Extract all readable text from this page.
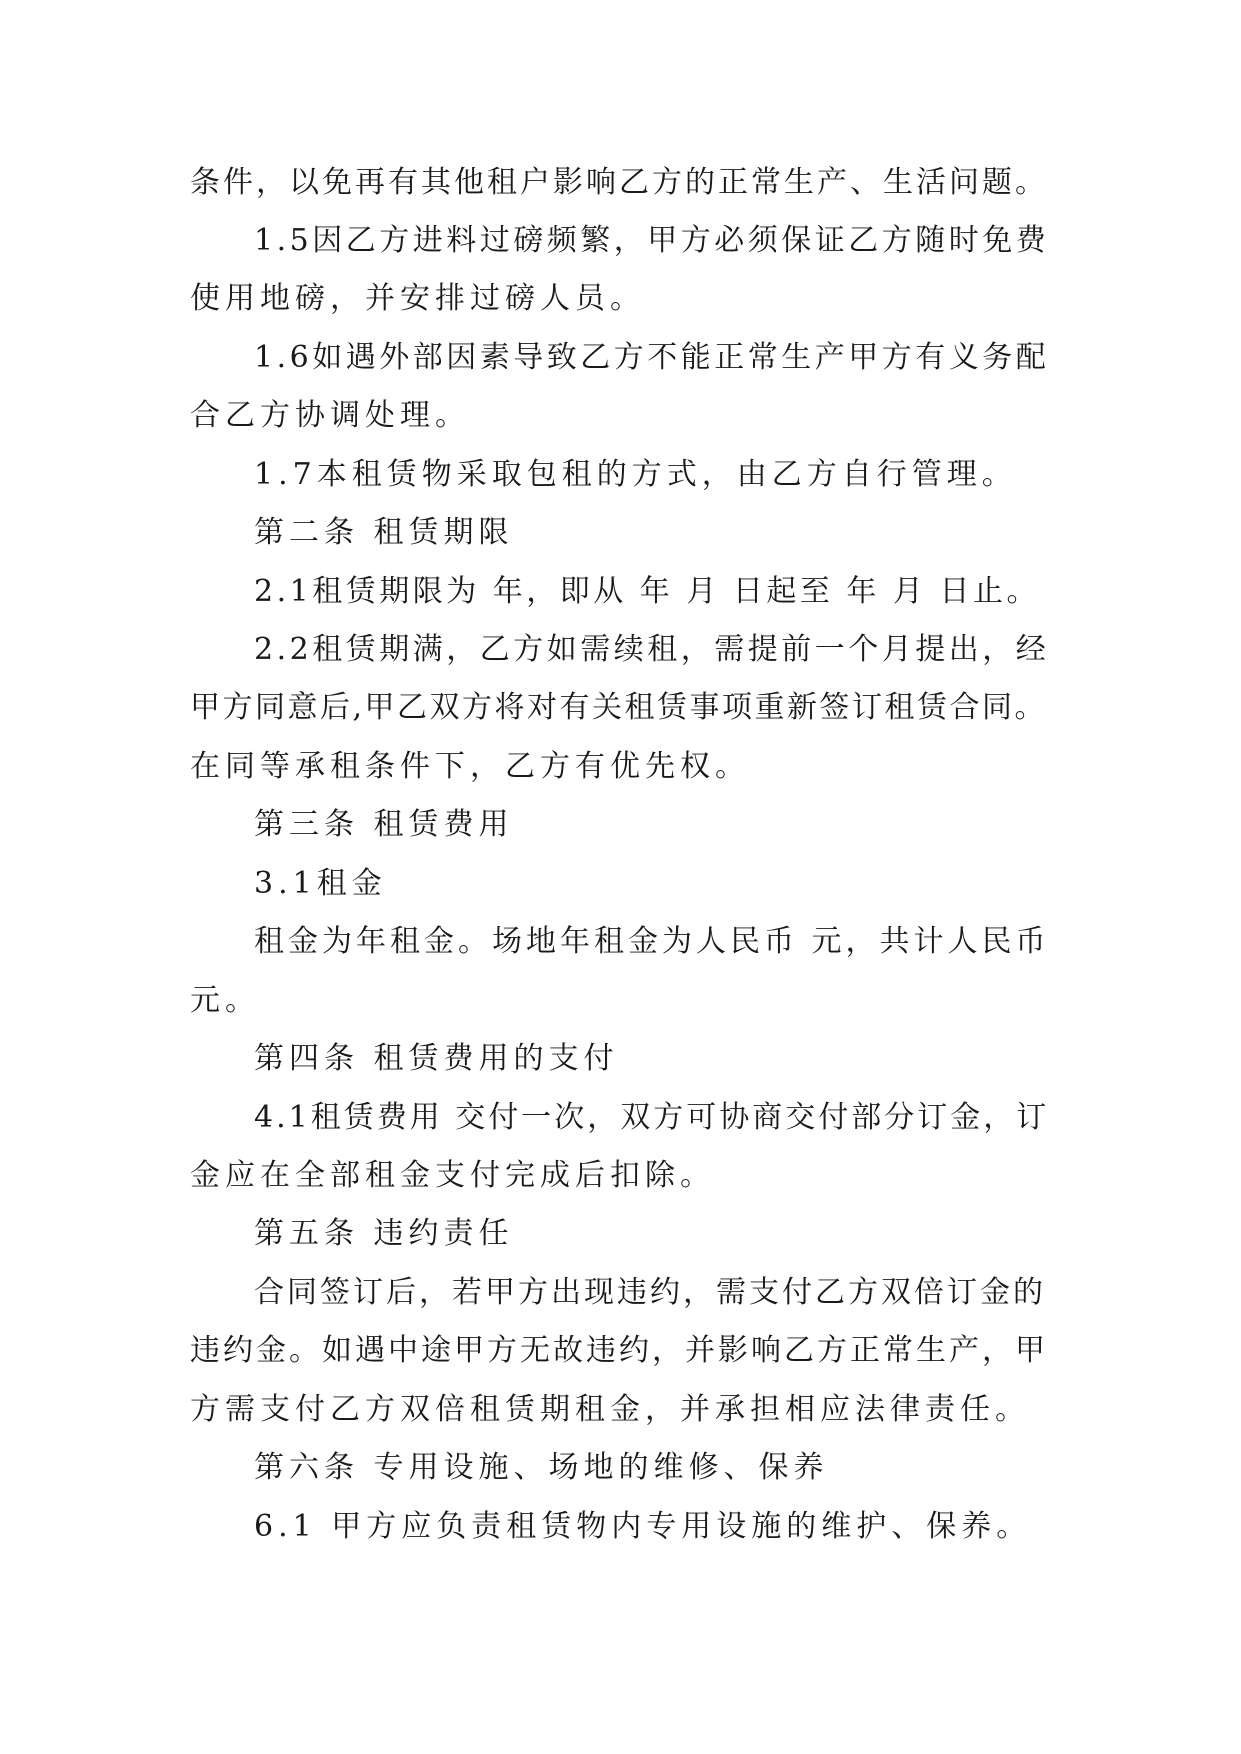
条件，以免再有其他租户影响乙方的正常生产、生活问题。
1.5因乙方进料过磅频繁，甲方必须保证乙方随时免费
使用地磅，并安排过磅人员。
1.6如遇外部因素导致乙方不能正常生产甲方有义务配
合乙方协调处理。
1.7本租赁物采取包租的方式，由乙方自行管理。
第二条 租赁期限
2.1租赁期限为 年，即从 年 月 日起至 年 月 日止。
2.2租赁期满，乙方如需续租，需提前一个月提出，经
甲方同意后,甲乙双方将对有关租赁事项重新签订租赁合同。
在同等承租条件下，乙方有优先权。
第三条 租赁费用
3.1租金
租金为年租金。场地年租金为人民币 元，共计人民币
元。
第四条 租赁费用的支付
4.1租赁费用 交付一次，双方可协商交付部分订金，订
金应在全部租金支付完成后扣除。
第五条 违约责任
合同签订后，若甲方出现违约，需支付乙方双倍订金的
违约金。如遇中途甲方无故违约，并影响乙方正常生产，甲
方需支付乙方双倍租赁期租金，并承担相应法律责任。
第六条 专用设施、场地的维修、保养
6.1 甲方应负责租赁物内专用设施的维护、保养。
